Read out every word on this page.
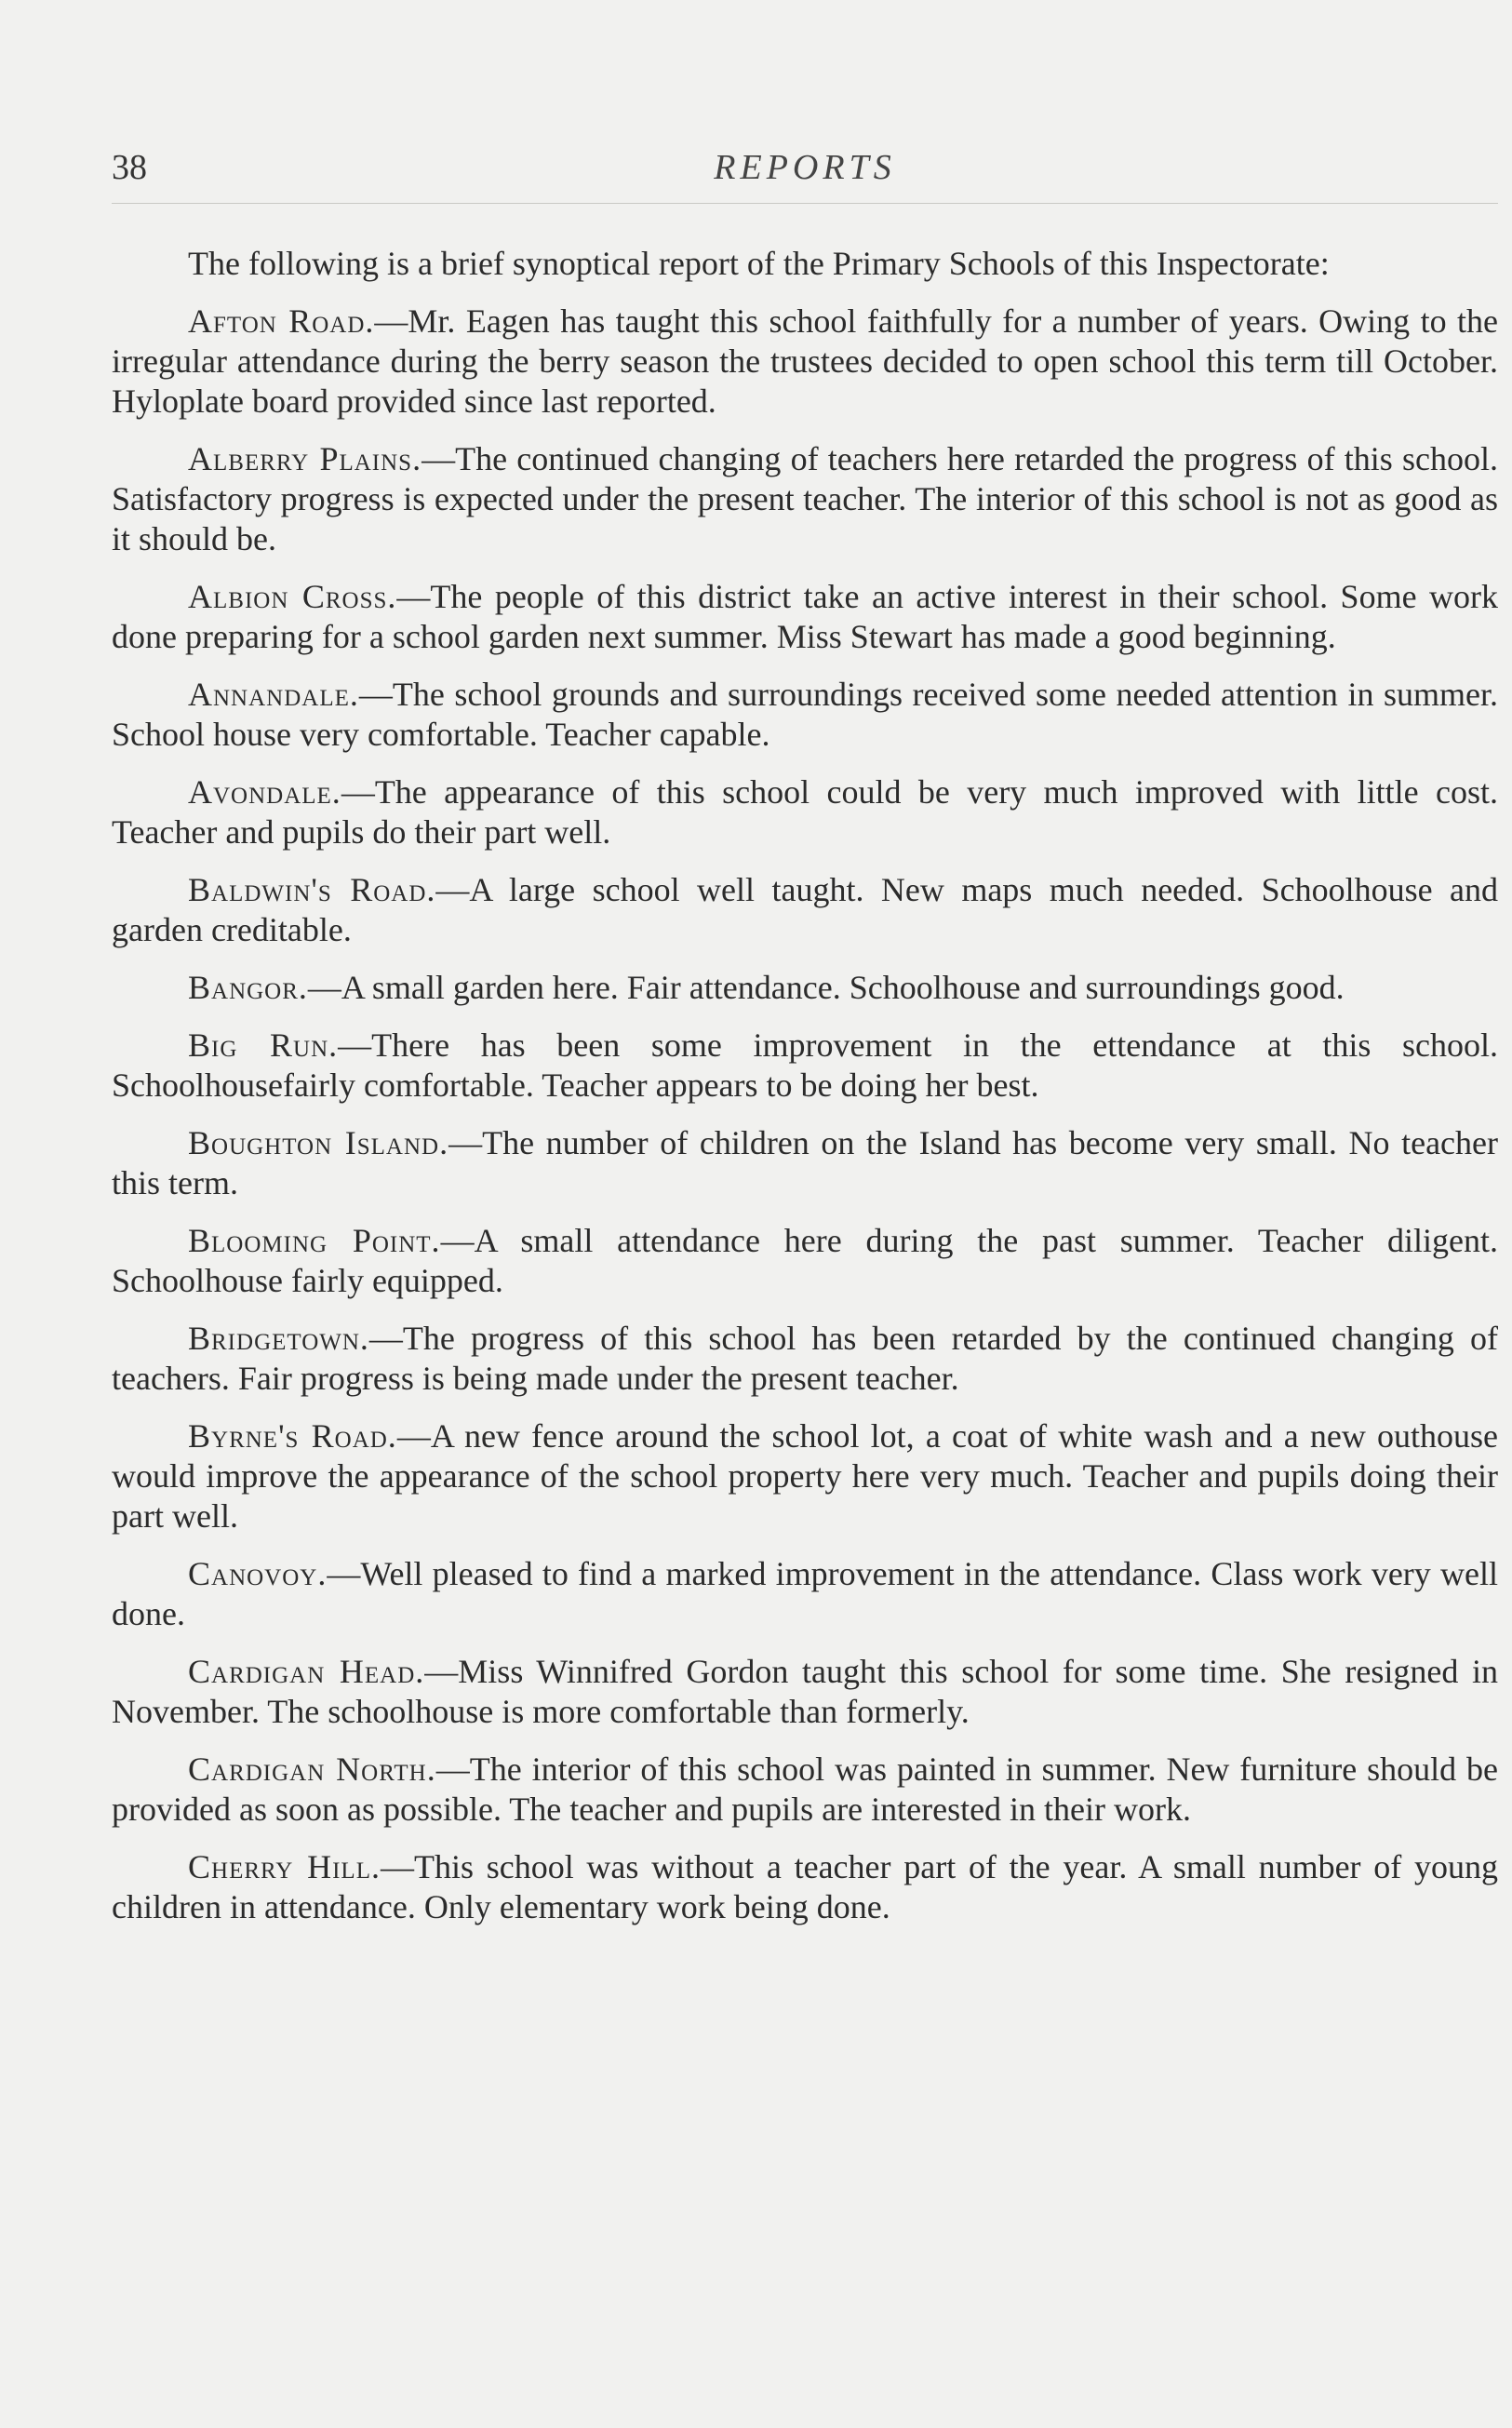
38	REPORTS

The following is a brief synoptical report of the Primary Schools of this Inspectorate:

Afton Road.—Mr. Eagen has taught this school faithfully for a number of years. Owing to the irregular attendance during the berry season the trustees decided to open school this term till October. Hyloplate board provided since last reported.

Alberry Plains.—The continued changing of teachers here retarded the progress of this school. Satisfactory progress is expected under the present teacher. The interior of this school is not as good as it should be.

Albion Cross.—The people of this district take an active interest in their school. Some work done preparing for a school garden next summer. Miss Stewart has made a good beginning.

Annandale.—The school grounds and surroundings received some needed attention in summer. School house very comfortable. Teacher capable.

Avondale.—The appearance of this school could be very much improved with little cost. Teacher and pupils do their part well.

Baldwin's Road.—A large school well taught. New maps much needed. Schoolhouse and garden creditable.

Bangor.—A small garden here. Fair attendance. Schoolhouse and surroundings good.

Big Run.—There has been some improvement in the ettendance at this school. Schoolhousefairly comfortable. Teacher appears to be doing her best.

Boughton Island.—The number of children on the Island has become very small. No teacher this term.

Blooming Point.—A small attendance here during the past summer. Teacher diligent. Schoolhouse fairly equipped.

Bridgetown.—The progress of this school has been retarded by the continued changing of teachers. Fair progress is being made under the present teacher.

Byrne's Road.—A new fence around the school lot, a coat of white wash and a new outhouse would improve the appearance of the school property here very much. Teacher and pupils doing their part well.

Canovoy.—Well pleased to find a marked improvement in the attendance. Class work very well done.

Cardigan Head.—Miss Winnifred Gordon taught this school for some time. She resigned in November. The schoolhouse is more comfortable than formerly.

Cardigan North.—The interior of this school was painted in summer. New furniture should be provided as soon as possible. The teacher and pupils are interested in their work.

Cherry Hill.—This school was without a teacher part of the year. A small number of young children in attendance. Only elementary work being done.
